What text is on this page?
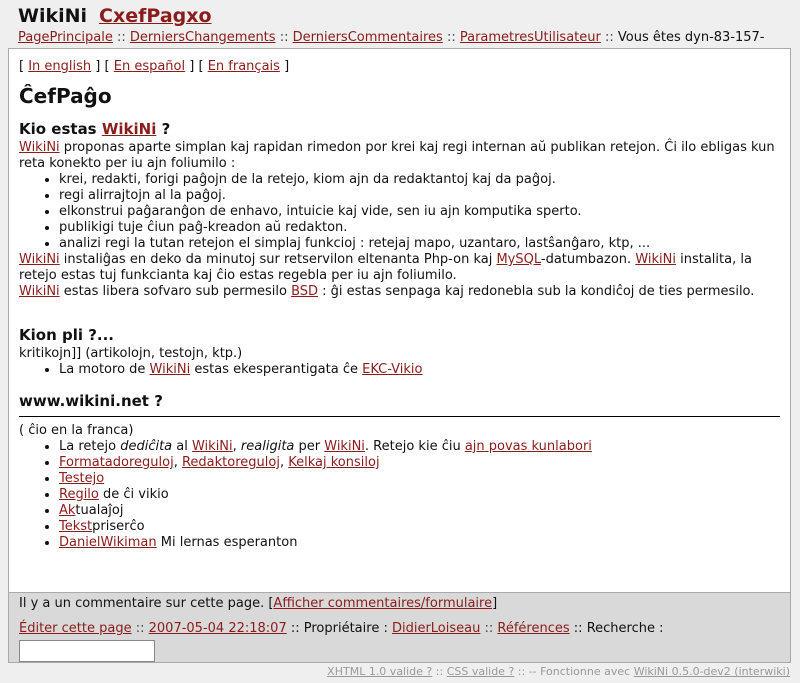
WikiNi CxefPagxo
PagePrincipale :: DerniersChangements :: DerniersCommentaires :: ParametresUtilisateur :: Vous êtes dyn-83-157-
[ In english ] [ En español ] [ En français ]
ĈefPaĝo
Kio estas WikiNi ?

WikiNi proponas aparte simplan kaj rapidan rimedon por krei kaj regi internan aŭ publikan retejon. Ĉi ilo ebligas kun reta konekto per iu ajn foliumilo :

• krei, redakti, forigi paĝojn de la retejo, kiom ajn da redaktantoj kaj da paĝoj.
• regi alirrajtojn al la paĝoj.
• elkonstrui paĝaranĝon de enhavo, intuicie kaj vide, sen iu ajn komputika sperto.
• publikigi tuje ĉiun paĝ-kreadon aŭ redakton.
• analizi regi la tutan retejon el simplaj funkcioj : retejaj mapo, uzantaro, lastŝanĝaro, ktp, ...

WikiNi instaliĝas en deko da minutoj sur retservilon eltenanta Php-on kaj MySQL-datumbazon. WikiNi instalita, la retejo estas tuj funkcianta kaj ĉio estas regebla per iu ajn foliumilo.

WikiNi estas libera sofvaro sub permesilo BSD : ĝi estas senpaga kaj redonebla sub la kondiĉoj de ties permesilo.

Kion pli ?...

kritikojn]] (artikolojn, testojn, ktp.)

• La motoro de WikiNi estas ekesperantigata ĉe EKC-Vikio
www.wikini.net ?

( ĉio en la franca)

• La retejo dediĉita al WikiNi, realigita per WikiNi. Retejo kie ĉiu ajn povas kunlabori
• Formatadoreguloj, Redaktoreguloj, Kelkaj konsiloj
• Testejo
• Regilo de ĉi vikio
• Aktualaĵoj
• Tekstpriserĉo
• DanielWikiman Mi lernas esperanton
Il y a un commentaire sur cette page. [Afficher commentaires/formulaire]
Éditer cette page :: 2007-05-04 22:18:07 :: Propriétaire : DidierLoiseau :: Références :: Recherche :
XHTML 1.0 valide ? :: CSS valide ? :: -- Fonctionne avec WikiNi 0.5.0-dev2 (interwiki)
